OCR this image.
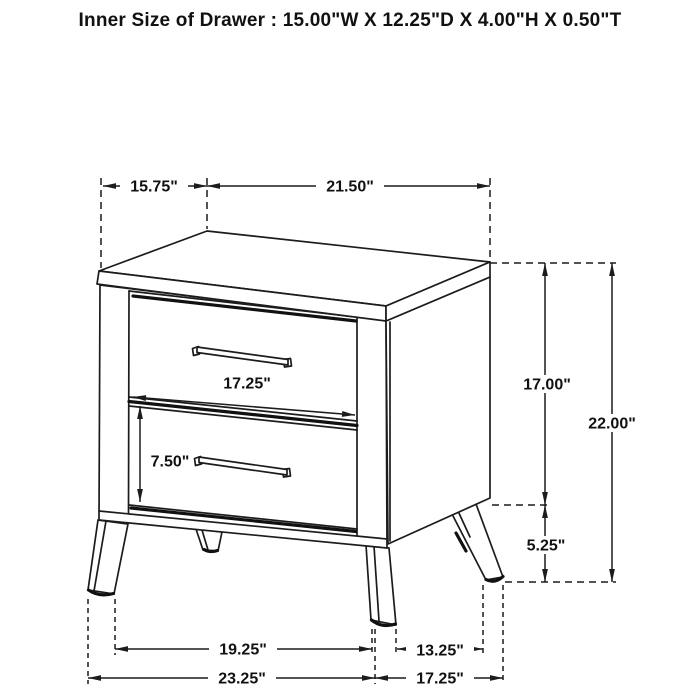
Inner Size of Drawer : 15.00"W X 12.25"D X 4.00"H X 0.50"T
15.75"	21.50"
17.00"
22.00"
5.25"
17.25"
7.50"
19.25"	13.25"
23.25"	17.25"
